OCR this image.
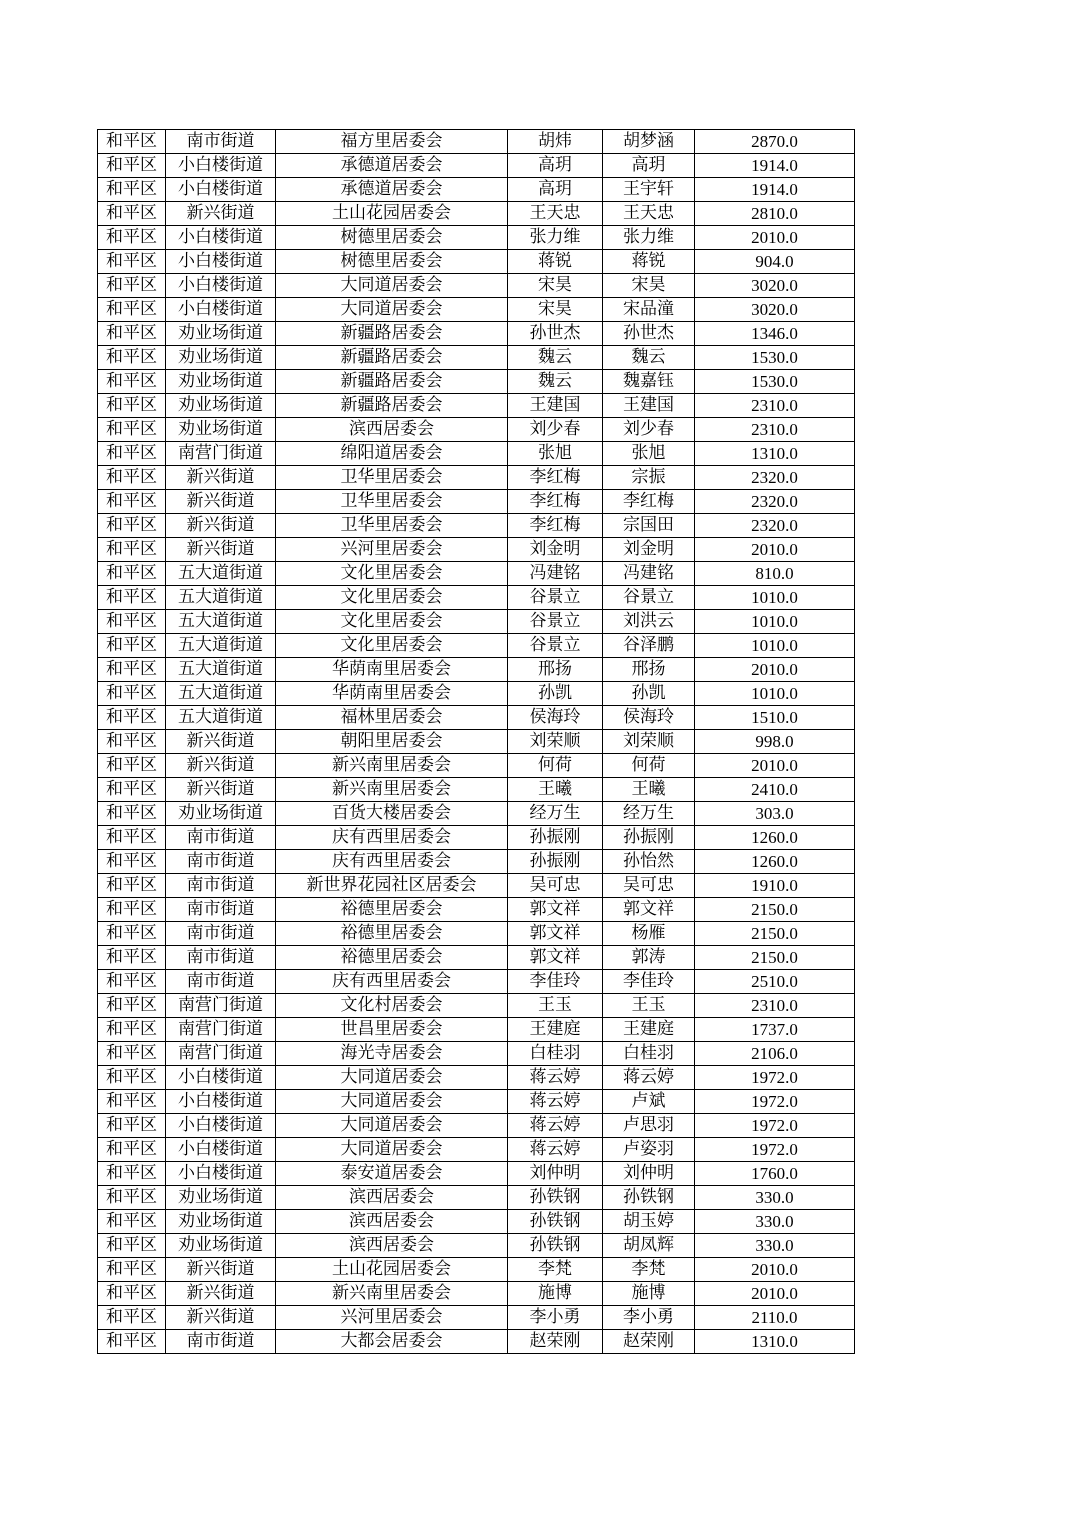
和平区	南市街道	福方里居委会	胡炜	胡梦涵	2870.0
和平区	小白楼街道	承德道居委会	高玥	高玥	1914.0
和平区	小白楼街道	承德道居委会	高玥	王宇轩	1914.0
和平区	新兴街道	土山花园居委会	王天忠	王天忠	2810.0
和平区	小白楼街道	树德里居委会	张力维	张力维	2010.0
和平区	小白楼街道	树德里居委会	蒋锐	蒋锐	904.0
和平区	小白楼街道	大同道居委会	宋昊	宋昊	3020.0
和平区	小白楼街道	大同道居委会	宋昊	宋品潼	3020.0
和平区	劝业场街道	新疆路居委会	孙世杰	孙世杰	1346.0
和平区	劝业场街道	新疆路居委会	魏云	魏云	1530.0
和平区	劝业场街道	新疆路居委会	魏云	魏嘉钰	1530.0
和平区	劝业场街道	新疆路居委会	王建国	王建国	2310.0
和平区	劝业场街道	滨西居委会	刘少春	刘少春	2310.0
和平区	南营门街道	绵阳道居委会	张旭	张旭	1310.0
和平区	新兴街道	卫华里居委会	李红梅	宗振	2320.0
和平区	新兴街道	卫华里居委会	李红梅	李红梅	2320.0
和平区	新兴街道	卫华里居委会	李红梅	宗国田	2320.0
和平区	新兴街道	兴河里居委会	刘金明	刘金明	2010.0
和平区	五大道街道	文化里居委会	冯建铭	冯建铭	810.0
和平区	五大道街道	文化里居委会	谷景立	谷景立	1010.0
和平区	五大道街道	文化里居委会	谷景立	刘洪云	1010.0
和平区	五大道街道	文化里居委会	谷景立	谷泽鹏	1010.0
和平区	五大道街道	华荫南里居委会	邢扬	邢扬	2010.0
和平区	五大道街道	华荫南里居委会	孙凯	孙凯	1010.0
和平区	五大道街道	福林里居委会	侯海玲	侯海玲	1510.0
和平区	新兴街道	朝阳里居委会	刘荣顺	刘荣顺	998.0
和平区	新兴街道	新兴南里居委会	何荷	何荷	2010.0
和平区	新兴街道	新兴南里居委会	王曦	王曦	2410.0
和平区	劝业场街道	百货大楼居委会	经万生	经万生	303.0
和平区	南市街道	庆有西里居委会	孙振刚	孙振刚	1260.0
和平区	南市街道	庆有西里居委会	孙振刚	孙怡然	1260.0
和平区	南市街道	新世界花园社区居委会	吴可忠	吴可忠	1910.0
和平区	南市街道	裕德里居委会	郭文祥	郭文祥	2150.0
和平区	南市街道	裕德里居委会	郭文祥	杨雁	2150.0
和平区	南市街道	裕德里居委会	郭文祥	郭涛	2150.0
和平区	南市街道	庆有西里居委会	李佳玲	李佳玲	2510.0
和平区	南营门街道	文化村居委会	王玉	王玉	2310.0
和平区	南营门街道	世昌里居委会	王建庭	王建庭	1737.0
和平区	南营门街道	海光寺居委会	白桂羽	白桂羽	2106.0
和平区	小白楼街道	大同道居委会	蒋云婷	蒋云婷	1972.0
和平区	小白楼街道	大同道居委会	蒋云婷	卢斌	1972.0
和平区	小白楼街道	大同道居委会	蒋云婷	卢思羽	1972.0
和平区	小白楼街道	大同道居委会	蒋云婷	卢姿羽	1972.0
和平区	小白楼街道	泰安道居委会	刘仲明	刘仲明	1760.0
和平区	劝业场街道	滨西居委会	孙铁钢	孙铁钢	330.0
和平区	劝业场街道	滨西居委会	孙铁钢	胡玉婷	330.0
和平区	劝业场街道	滨西居委会	孙铁钢	胡凤辉	330.0
和平区	新兴街道	土山花园居委会	李梵	李梵	2010.0
和平区	新兴街道	新兴南里居委会	施博	施博	2010.0
和平区	新兴街道	兴河里居委会	李小勇	李小勇	2110.0
和平区	南市街道	大都会居委会	赵荣刚	赵荣刚	1310.0
